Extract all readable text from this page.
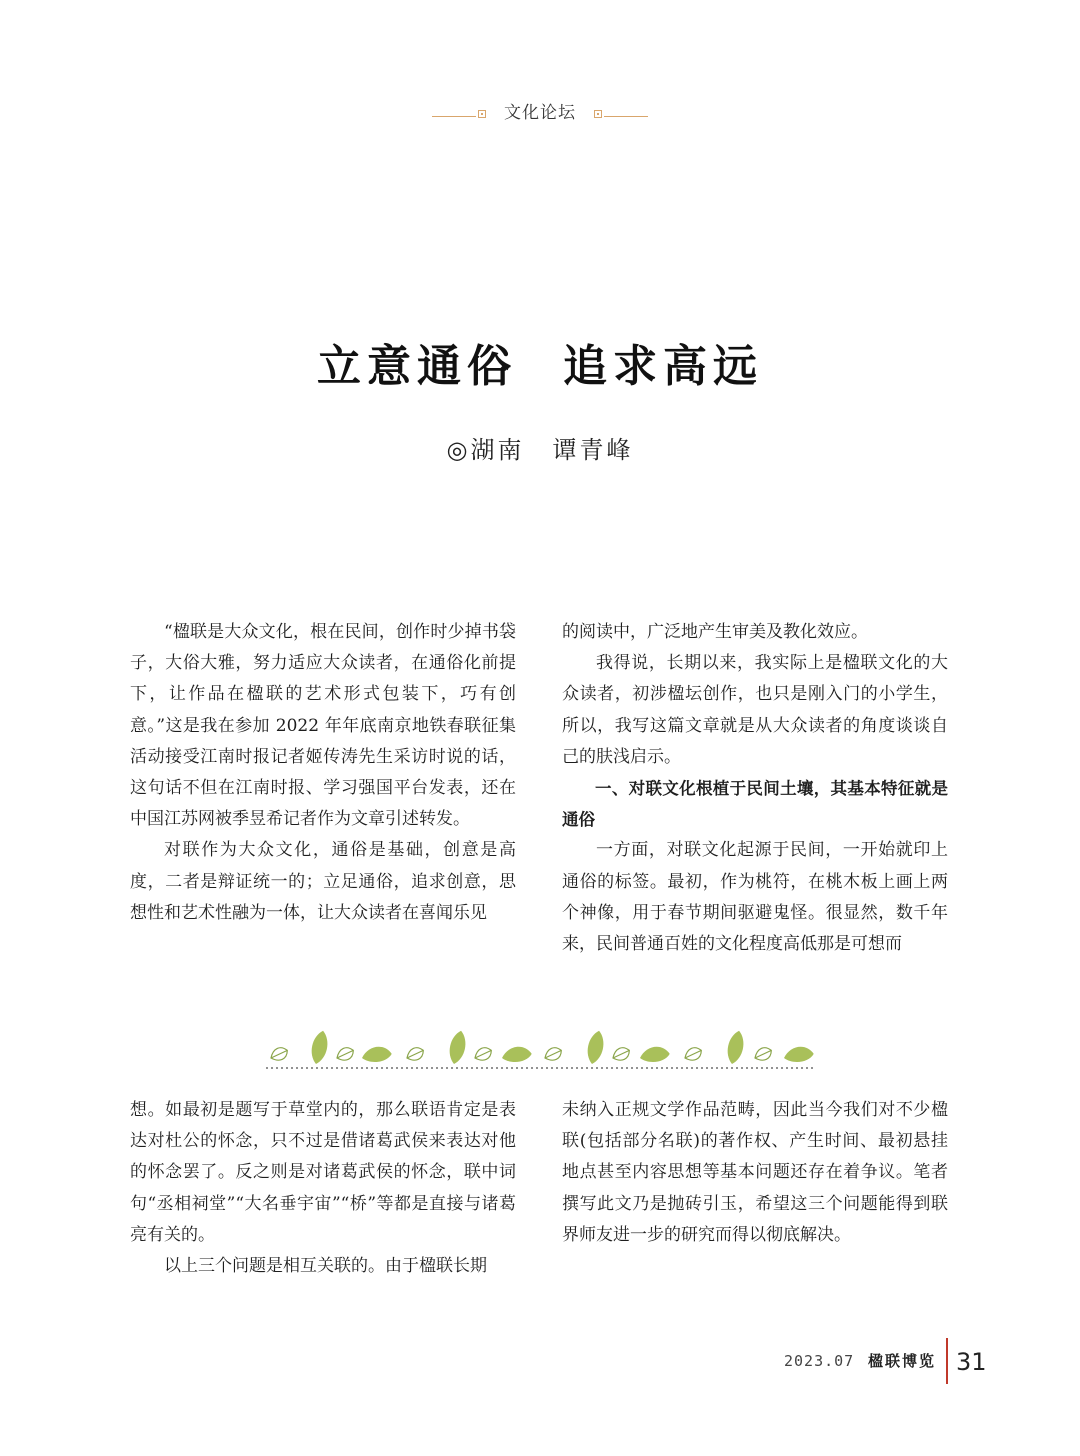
文化论坛
立意通俗 追求高远
◎湖南 谭青峰

“楹联是大众文化，根在民间，创作时少掉书袋子，大俗大雅，努力适应大众读者，在通俗化前提下，让作品在楹联的艺术形式包装下，巧有创意。”这是我在参加 2022 年年底南京地铁春联征集活动接受江南时报记者姬传涛先生采访时说的话，这句话不但在江南时报、学习强国平台发表，还在中国江苏网被季昱希记者作为文章引述转发。

对联作为大众文化，通俗是基础，创意是高度，二者是辩证统一的；立足通俗，追求创意，思想性和艺术性融为一体，让大众读者在喜闻乐见

的阅读中，广泛地产生审美及教化效应。

我得说，长期以来，我实际上是楹联文化的大众读者，初涉楹坛创作，也只是刚入门的小学生，所以，我写这篇文章就是从大众读者的角度谈谈自己的肤浅启示。

一、对联文化根植于民间土壤，其基本特征就是通俗

一方面，对联文化起源于民间，一开始就印上通俗的标签。最初，作为桃符，在桃木板上画上两个神像，用于春节期间驱避鬼怪。很显然，数千年来，民间普通百姓的文化程度高低那是可想而

想。如最初是题写于草堂内的，那么联语肯定是表达对杜公的怀念，只不过是借诸葛武侯来表达对他的怀念罢了。反之则是对诸葛武侯的怀念，联中词句“丞相祠堂”“大名垂宇宙”“桥”等都是直接与诸葛亮有关的。

以上三个问题是相互关联的。由于楹联长期

未纳入正规文学作品范畴，因此当今我们对不少楹联(包括部分名联)的著作权、产生时间、最初悬挂地点甚至内容思想等基本问题还存在着争议。笔者撰写此文乃是抛砖引玉，希望这三个问题能得到联界师友进一步的研究而得以彻底解决。

2023.07 楹联博览 31
